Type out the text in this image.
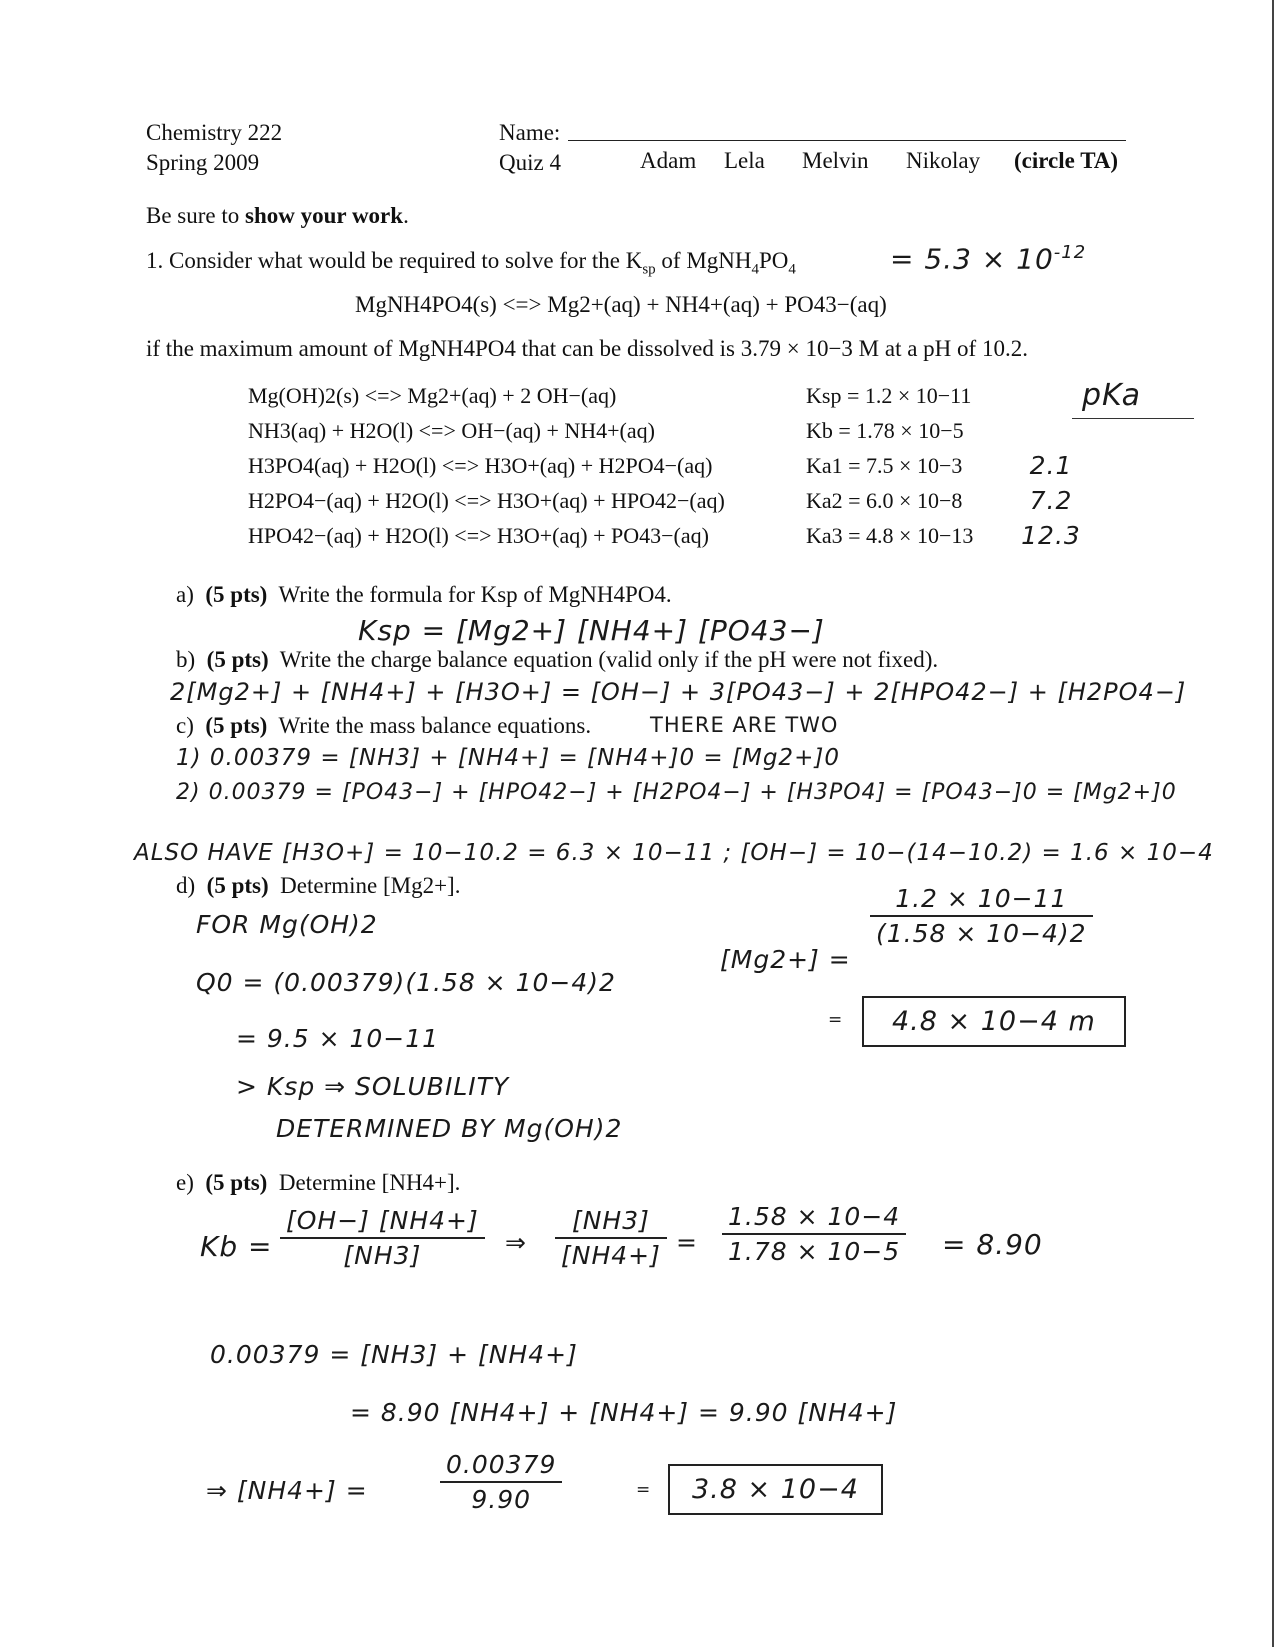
Chemistry 222
Spring 2009
Name:
Quiz 4	Adam Lela Melvin Nikolay (circle TA)
Be sure to show your work.
1. Consider what would be required to solve for the $K_{sp}$ of $MgNH_4PO_4$	= $5.3 \times 10^{-12}$
MgNH4PO4(s) <=> Mg2+(aq) + NH4+(aq) + PO43−(aq)
if the maximum amount of MgNH4PO4 that can be dissolved is 3.79 × 10−3 M at a pH of 10.2.
pKa
Mg(OH)2(s) <=> Mg2+(aq) + 2 OH−(aq)	Ksp = 1.2 × 10−11	
NH3(aq) + H2O(l) <=> OH−(aq) + NH4+(aq)	Kb = 1.78 × 10−5	
H3PO4(aq) + H2O(l) <=> H3O+(aq) + H2PO4−(aq)	Ka1 = 7.5 × 10−3	2.1
H2PO4−(aq) + H2O(l) <=> H3O+(aq) + HPO42−(aq)	Ka2 = 6.0 × 10−8	7.2
HPO42−(aq) + H2O(l) <=> H3O+(aq) + PO43−(aq)	Ka3 = 4.8 × 10−13	12.3
a) (5 pts) Write the formula for Ksp of MgNH4PO4.
Ksp = [Mg2+] [NH4+] [PO43−]
b) (5 pts) Write the charge balance equation (valid only if the pH were not fixed).
2[Mg2+] + [NH4+] + [H3O+] = [OH−] + 3[PO43−] + 2[HPO42−] + [H2PO4−]
c) (5 pts) Write the mass balance equations.	THERE ARE TWO
1) 0.00379 = [NH3] + [NH4+] = [NH4+]0 = [Mg2+]0
2) 0.00379 = [PO43−] + [HPO42−] + [H2PO4−] + [H3PO4] = [PO43−]0 = [Mg2+]0
ALSO HAVE [H3O+] = 10−10.2 = 6.3 × 10−11 ; [OH−] = 10−(14−10.2) = 1.6 × 10−4
d) (5 pts) Determine [Mg2+].
FOR Mg(OH)2
Q0 = (0.00379)(1.58 × 10−4)2
= 9.5 × 10−11
> Ksp ⇒ SOLUBILITY
DETERMINED BY Mg(OH)2
[Mg2+] =
$\frac{1.2 \times 10-11}{(1.58 \times 10-4)2}$
=	4.8 × 10−4 m
e) (5 pts) Determine [NH4+].
$Kb = \frac{[OH-] [NH4+]}{[NH3]}$ ⇒ $\frac{[NH3]}{[NH4+]} = \frac{1.58 \times 10-4}{1.78 \times 10-5} = 8.90$
0.00379 = [NH3] + [NH4+]
= 8.90 [NH4+] + [NH4+] = 9.90 [NH4+]
⇒ [NH4+] =	$\frac{0.00379}{9.90}$	=	3.8 × 10−4
